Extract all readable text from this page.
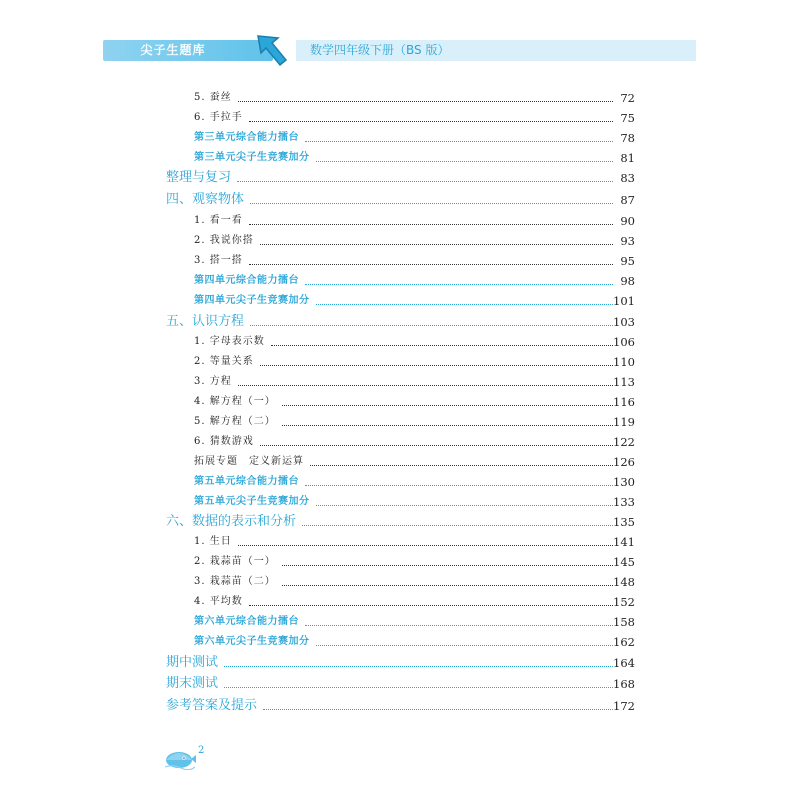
尖子生题库	数学四年级下册（BS 版）
5. 蚕丝	72
6. 手拉手	75
第三单元综合能力擂台	78
第三单元尖子生竞赛加分	81
整理与复习	83
四、观察物体	87
1. 看一看	90
2. 我说你搭	93
3. 搭一搭	95
第四单元综合能力擂台	98
第四单元尖子生竞赛加分	101
五、认识方程	103
1. 字母表示数	106
2. 等量关系	110
3. 方程	113
4. 解方程（一）	116
5. 解方程（二）	119
6. 猜数游戏	122
拓展专题　定义新运算	126
第五单元综合能力擂台	130
第五单元尖子生竞赛加分	133
六、数据的表示和分析	135
1. 生日	141
2. 栽蒜苗（一）	145
3. 栽蒜苗（二）	148
4. 平均数	152
第六单元综合能力擂台	158
第六单元尖子生竞赛加分	162
期中测试	164
期末测试	168
参考答案及提示	172
2
